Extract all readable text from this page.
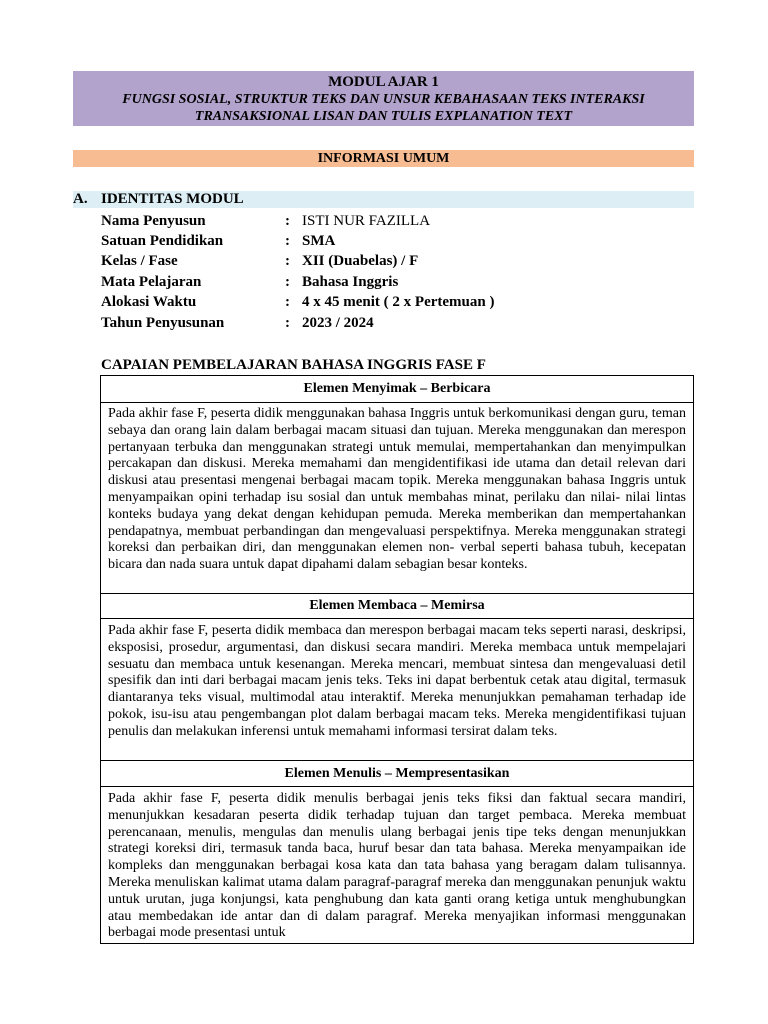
MODUL AJAR 1
FUNGSI SOSIAL, STRUKTUR TEKS DAN UNSUR KEBAHASAAN TEKS INTERAKSI
TRANSAKSIONAL LISAN DAN TULIS EXPLANATION TEXT
INFORMASI UMUM
A. IDENTITAS MODUL
Nama Penyusun	: ISTI NUR FAZILLA
Satuan Pendidikan	: SMA
Kelas / Fase	: XII (Duabelas) / F
Mata Pelajaran	: Bahasa Inggris
Alokasi Waktu	: 4 x 45 menit ( 2 x Pertemuan )
Tahun Penyusunan	: 2023 / 2024
CAPAIAN PEMBELAJARAN BAHASA INGGRIS FASE F
Elemen Menyimak – Berbicara
Pada akhir fase F, peserta didik menggunakan bahasa Inggris untuk berkomunikasi dengan guru, teman sebaya dan orang lain dalam berbagai macam situasi dan tujuan. Mereka menggunakan dan merespon pertanyaan terbuka dan menggunakan strategi untuk memulai, mempertahankan dan menyimpulkan percakapan dan diskusi. Mereka memahami dan mengidentifikasi ide utama dan detail relevan dari diskusi atau presentasi mengenai berbagai macam topik. Mereka menggunakan bahasa Inggris untuk menyampaikan opini terhadap isu sosial dan untuk membahas minat, perilaku dan nilai- nilai lintas konteks budaya yang dekat dengan kehidupan pemuda. Mereka memberikan dan mempertahankan pendapatnya, membuat perbandingan dan mengevaluasi perspektifnya. Mereka menggunakan strategi koreksi dan perbaikan diri, dan menggunakan elemen non- verbal seperti bahasa tubuh, kecepatan bicara dan nada suara untuk dapat dipahami dalam sebagian besar konteks.
Elemen Membaca – Memirsa
Pada akhir fase F, peserta didik membaca dan merespon berbagai macam teks seperti narasi, deskripsi, eksposisi, prosedur, argumentasi, dan diskusi secara mandiri. Mereka membaca untuk mempelajari sesuatu dan membaca untuk kesenangan. Mereka mencari, membuat sintesa dan mengevaluasi detil spesifik dan inti dari berbagai macam jenis teks. Teks ini dapat berbentuk cetak atau digital, termasuk diantaranya teks visual, multimodal atau interaktif. Mereka menunjukkan pemahaman terhadap ide pokok, isu-isu atau pengembangan plot dalam berbagai macam teks. Mereka mengidentifikasi tujuan penulis dan melakukan inferensi untuk memahami informasi tersirat dalam teks.
Elemen Menulis – Mempresentasikan
Pada akhir fase F, peserta didik menulis berbagai jenis teks fiksi dan faktual secara mandiri, menunjukkan kesadaran peserta didik terhadap tujuan dan target pembaca. Mereka membuat perencanaan, menulis, mengulas dan menulis ulang berbagai jenis tipe teks dengan menunjukkan strategi koreksi diri, termasuk tanda baca, huruf besar dan tata bahasa. Mereka menyampaikan ide kompleks dan menggunakan berbagai kosa kata dan tata bahasa yang beragam dalam tulisannya. Mereka menuliskan kalimat utama dalam paragraf-paragraf mereka dan menggunakan penunjuk waktu untuk urutan, juga konjungsi, kata penghubung dan kata ganti orang ketiga untuk menghubungkan atau membedakan ide antar dan di dalam paragraf. Mereka menyajikan informasi menggunakan berbagai mode presentasi untuk
